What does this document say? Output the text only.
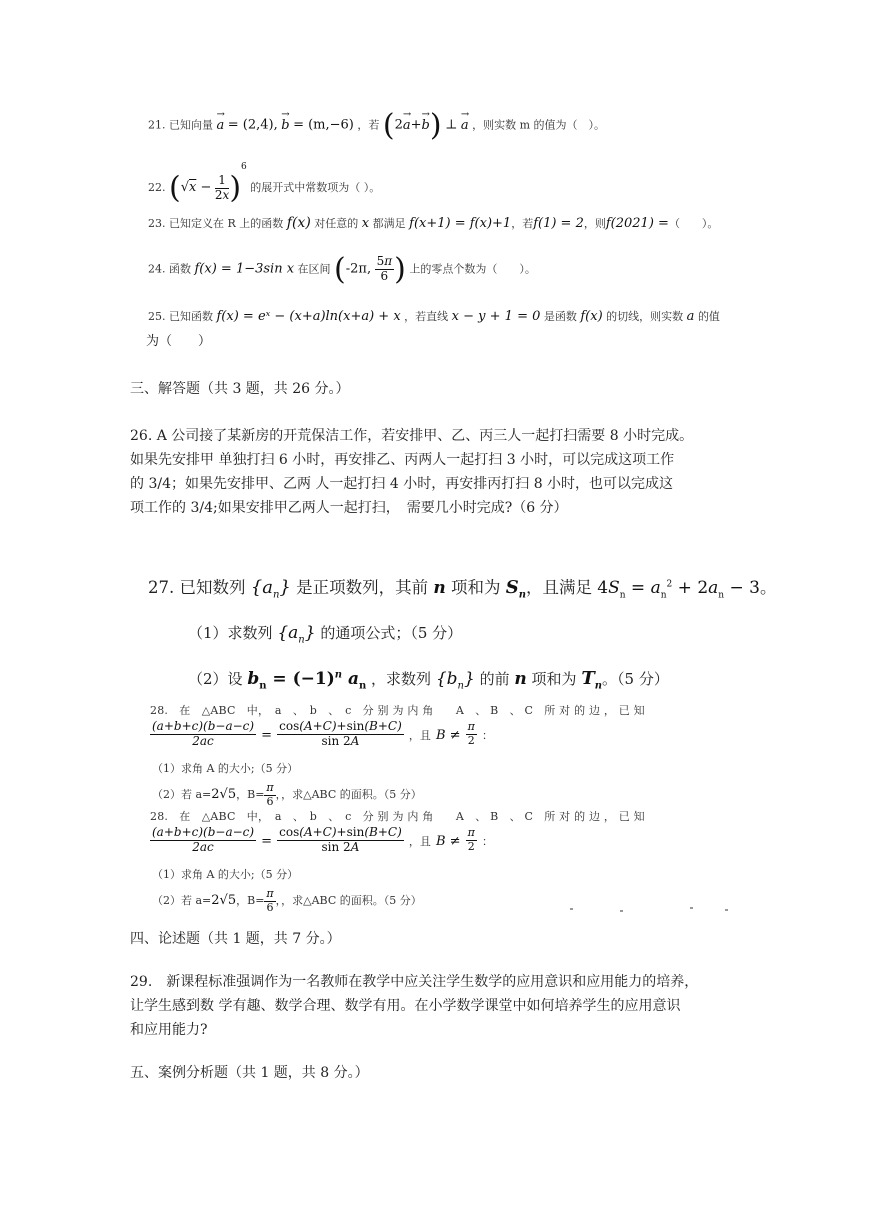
21. 已知向量 → a = (2,4), → b = (m,−6) ，若 (2→ a+→ b) ⊥ → a ，则实数 m 的值为（　）。
22. $(√x - \frac{1}{2x} )^6$ 的展开式中常数项为（ ）。
23. 已知定义在 R 上的函数 f(x) 对任意的 x 都满足 f(x+1) = f(x)+1，若f(1) = 2，则f(2021) =（　　）。
24. 函数 f(x) = 1−3sin x 在区间 (-2π, $\frac{5\pi}{6}$ ) 上的零点个数为（　　）。
25. 已知函数 f(x) = eˣ − (x+a)ln(x+a) + x ，若直线 x − y + 1 = 0 是函数 f(x) 的切线，则实数 a 的值
为（　　）
三、解答题（共 3 题，共 26 分。）
26. A 公司接了某新房的开荒保洁工作，若安排甲、乙、丙三人一起打扫需要 8 小时完成。
如果先安排甲 单独打扫 6 小时，再安排乙、丙两人一起打扫 3 小时，可以完成这项工作
的 3/4；如果先安排甲、乙两 人一起打扫 4 小时，再安排丙打扫 8 小时，也可以完成这
项工作的 3/4;如果安排甲乙两人一起打扫，　需要几小时完成?（6 分）
27. 已知数列 $\{a_n\}$ 是正项数列，其前 n 项和为 $S_n$，且满足 $4S_n = a_n^2 + 2a_n - 3$。
（1）求数列 $\{a_n\}$ 的通项公式；（5 分）
（2）设 $b_n = (-1)^n$ $a_n$ ，求数列 $\{b_n\}$ 的前 n 项和为 $T_n$。（5 分）
28.　在　△ABC　中，　a　、　b　、　c　分 别 为 内 角　　A　、 B　、 C　所 对 的 边 ， 已 知
$\frac{(a+b+c)(b-a-c)}{2ac} = \frac{\cos(A+C)+\sin(B+C)}{\sin 2A}$ ，且 $B \ne \frac{\pi}{2}$ ：
（1）求角 A 的大小;（5 分）
（2）若 a=2√5，$B= \frac{\pi}{6}$ ，，求△ABC 的面积。（5 分）
28.　在　△ABC　中，　a　、　b　、　c　分 别 为 内 角　　A　、 B　、 C　所 对 的 边 ， 已 知
$\frac{(a+b+c)(b-a-c)}{2ac} = \frac{\cos(A+C)+\sin(B+C)}{\sin 2A}$ ，且 $B \ne \frac{\pi}{2}$ ：
（1）求角 A 的大小;（5 分）
（2）若 a=2√5，$B= \frac{\pi}{6}$ ，，求△ABC 的面积。（5 分）
四、论述题（共 1 题，共 7 分。）
29.　新课程标准强调作为一名教师在教学中应关注学生数学的应用意识和应用能力的培养，
让学生感到数 学有趣、数学合理、数学有用。在小学数学课堂中如何培养学生的应用意识
和应用能力?
五、案例分析题（共 1 题，共 8 分。）
